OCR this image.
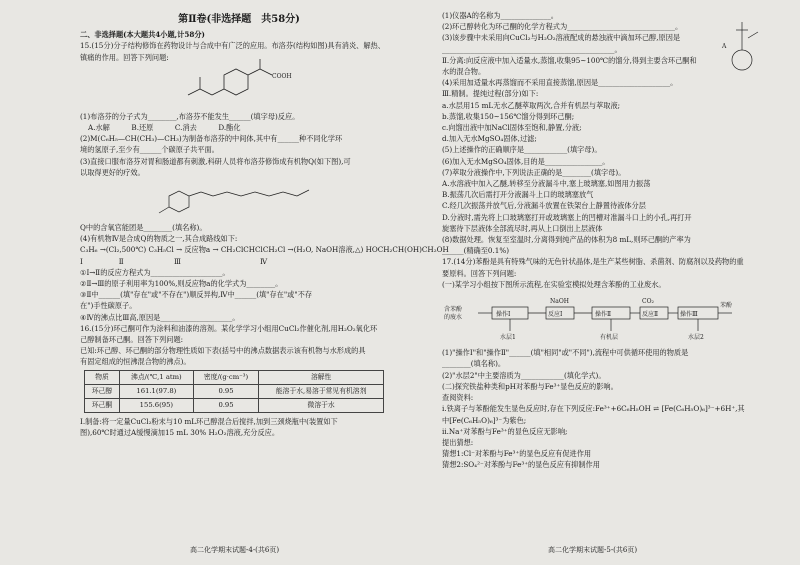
第Ⅱ卷(非选择题　共58分)
二、非选择题(本大题共4小题,计58分)
15.(15分)分子结构修饰在药物设计与合成中有广泛的应用。布洛芬(结构如图)具有消炎、解热、
镇痛的作用。回答下列问题:
COOH
(1)布洛芬的分子式为________,布洛芬不能发生______(填字母)反应。
A.水解　　　B.还原　　　C.消去　　　D.酯化
(2)M(C₆H₅—CH(CH₃)—CH₃)为制备布洛芬的中间体,其中有______种不同化学环
境的氢原子,至少有______个碳原子共平面。
(3)直接口服布洛芬对胃和肠道都有刺激,科研人员将布洛芬修饰成有机物Q(如下图),可
以取得更好的疗效。
Q中的含氧官能团是________(填名称)。
(4)有机物Ⅳ是合成Q的物质之一,其合成路线如下:
C₃H₆ →(Cl₂,500℃) C₃H₅Cl → 反应物a → CH₂ClCHClCH₂Cl →(H₂O, NaOH溶液,△) HOCH₂CH(OH)CH₂OH
Ⅰ　　　　　Ⅱ　　　　　　　Ⅲ　　　　　　　　　　　Ⅳ
①Ⅰ→Ⅱ的反应方程式为____________________。
②Ⅱ→Ⅲ的原子利用率为100%,则反应物a的化学式为________。
③Ⅱ中______(填"存在"或"不存在")顺反异构,Ⅳ中______(填"存在"或"不存
在")手性碳原子。
④Ⅳ的沸点比Ⅲ高,原因是____________________。
16.(15分)环己酮可作为涂料和油漆的溶剂。某化学学习小组用CuCl₂作催化剂,用H₂O₂氧化环
己醇制备环己酮。回答下列问题:
已知:环己醇、环己酮的部分物理性质如下表(括号中的沸点数据表示该有机物与水形成的具
有固定组成的恒沸混合物的沸点)。
物质	沸点/(℃,1 atm)	密度/(g·cm⁻³)	溶解性
环己醇	161.1(97.8)	0.95	能溶于水,易溶于常见有机溶剂
环己酮	155.6(95)	0.95	微溶于水
Ⅰ.制备:将一定量CuCl₂粉末与10 mL环己醇混合后搅拌,加到三颈烧瓶中(装置如下
图),60℃时通过A缓慢滴加15 mL 30% H₂O₂溶液,充分反应。
高二化学期末试题-4-(共6页)
A
(1)仪器A的名称为______________。
(2)环己醇转化为环己酮的化学方程式为______________________________。
(3)该步骤中未采用向CuCl₂与H₂O₂溶液配成的悬浊液中滴加环己醇,原因是
________________________________________________。
Ⅱ.分离:向反应液中加入适量水,蒸馏,收集95~100℃的馏分,得到主要含环己酮和
水的混合物。
(4)采用加适量水再蒸馏而不采用直接蒸馏,原因是____________________。
Ⅲ.精制。提纯过程(部分)如下:
a.水层用15 mL无水乙醚萃取两次,合并有机层与萃取液;
b.蒸馏,收集150~156℃馏分得到环己酮;
c.向馏出液中加NaCl固体至饱和,静置,分液;
d.加入无水MgSO₄固体,过滤;
(5)上述操作的正确顺序是____________(填字母)。
(6)加入无水MgSO₄固体,目的是________________。
(7)萃取分液操作中,下列说法正确的是________(填字母)。
A.水溶液中加入乙醚,转移至分液漏斗中,塞上玻璃塞,如图用力振荡
B.振荡几次后需打开分液漏斗上口的玻璃塞放气
C.经几次振荡并放气后,分液漏斗放置在铁架台上静置待液体分层
D.分液时,需先将上口玻璃塞打开或玻璃塞上的凹槽对准漏斗口上的小孔,再打开
旋塞待下层液体全部流尽时,再从上口倒出上层液体
(8)数据处理。恢复至室温时,分离得到纯产品的体积为8 mL,则环己酮的产率为
______(精确至0.1%)
17.(14分)苯酚是具有特殊气味的无色针状晶体,是生产某些树脂、杀菌剂、防腐剂以及药物的重
要原料。回答下列问题:
(一)某学习小组按下图所示流程,在实验室模拟处理含苯酚的工业废水。
含苯酚
的废水	操作Ⅰ	反应Ⅰ	操作Ⅱ	反应Ⅱ	操作Ⅲ
苯酚
NaOH	CO₂
水层1	有机层	水层2
(1)"操作Ⅰ"和"操作Ⅱ"______(填"相同"或"不同"),流程中可供循环使用的物质是
________(填名称)。
(2)"水层2"中主要溶质为____________(填化学式)。
(二)探究铁盐种类和pH对苯酚与Fe³⁺显色反应的影响。
查阅资料:
ⅰ.铁离子与苯酚能发生显色反应时,存在下列反应:Fe³⁺+6C₆H₅OH ⇌ [Fe(C₆H₅O)₆]³⁻+6H⁺,其
中[Fe(C₆H₅O)₆]³⁻为紫色;
ⅱ.Na⁺对苯酚与Fe³⁺的显色反应无影响;
提出猜想:
猜想1:Cl⁻对苯酚与Fe³⁺的显色反应有促进作用
猜想2:SO₄²⁻对苯酚与Fe³⁺的显色反应有抑制作用
高二化学期末试题-5-(共6页)
